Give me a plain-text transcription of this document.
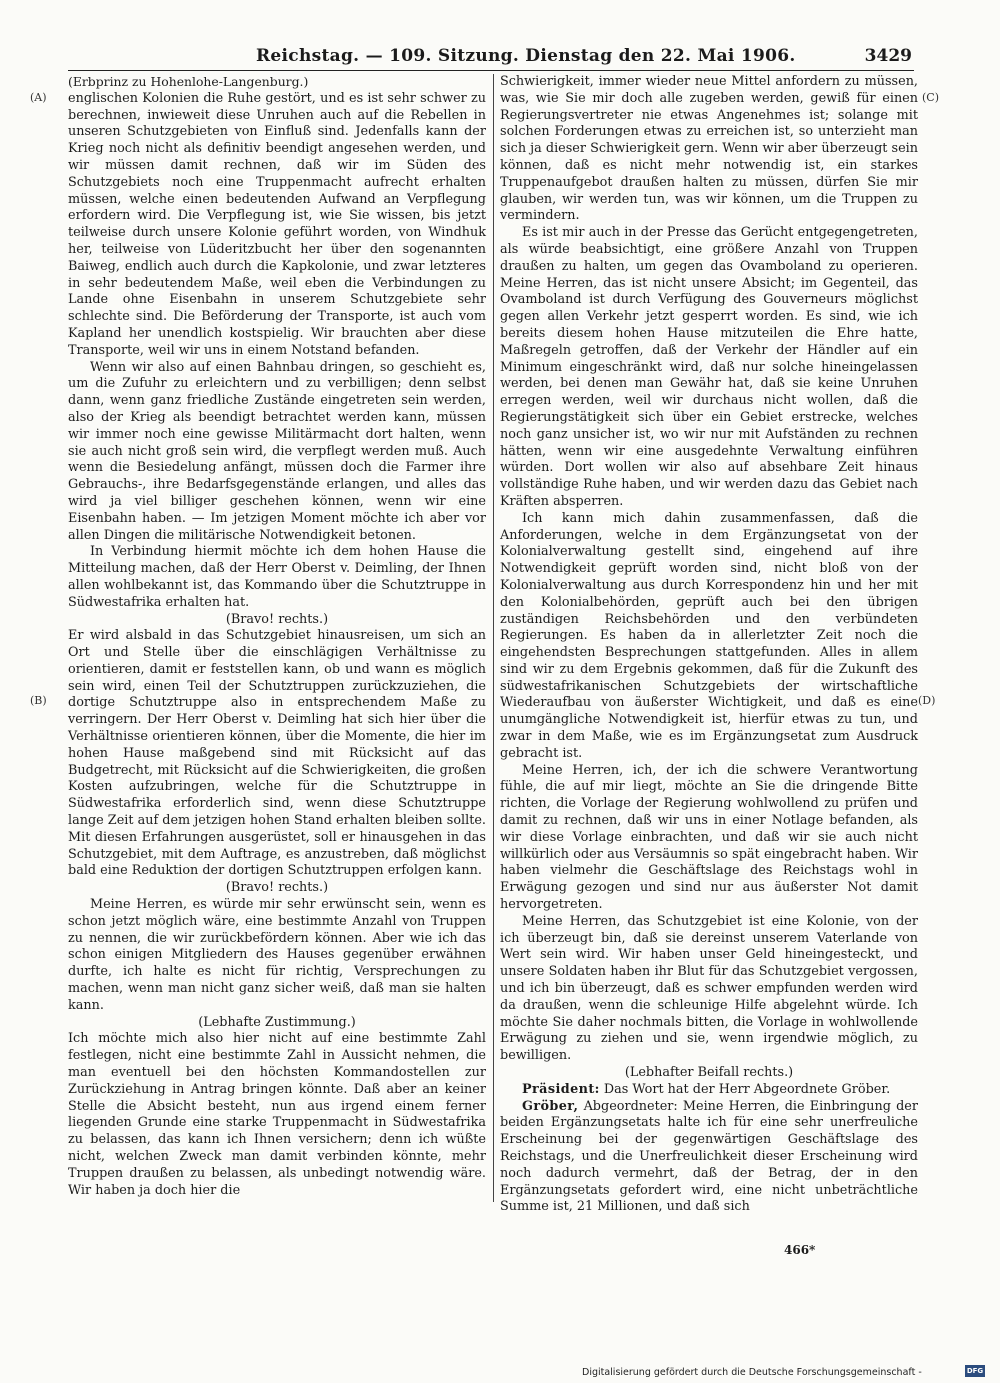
Reichstag. — 109. Sitzung. Dienstag den 22. Mai 1906.	3429

(Erbprinz zu Hohenlohe-Langenburg.)

englischen Kolonien die Ruhe gestört, und es ist sehr schwer zu berechnen, inwieweit diese Unruhen auch auf die Rebellen in unseren Schutzgebieten von Einfluß sind. Jedenfalls kann der Krieg noch nicht als definitiv beendigt angesehen werden, und wir müssen damit rechnen, daß wir im Süden des Schutzgebiets noch eine Truppenmacht aufrecht erhalten müssen, welche einen bedeutenden Aufwand an Verpflegung erfordern wird. Die Verpflegung ist, wie Sie wissen, bis jetzt teilweise durch unsere Kolonie geführt worden, von Windhuk her, teilweise von Lüderitzbucht her über den sogenannten Baiweg, endlich auch durch die Kapkolonie, und zwar letzteres in sehr bedeutendem Maße, weil eben die Verbindungen zu Lande ohne Eisenbahn in unserem Schutzgebiete sehr schlechte sind. Die Beförderung der Transporte, ist auch vom Kapland her unendlich kostspielig. Wir brauchten aber diese Transporte, weil wir uns in einem Notstand befanden.

Wenn wir also auf einen Bahnbau dringen, so geschieht es, um die Zufuhr zu erleichtern und zu verbilligen; denn selbst dann, wenn ganz friedliche Zustände eingetreten sein werden, also der Krieg als beendigt betrachtet werden kann, müssen wir immer noch eine gewisse Militärmacht dort halten, wenn sie auch nicht groß sein wird, die verpflegt werden muß. Auch wenn die Besiedelung anfängt, müssen doch die Farmer ihre Gebrauchs-, ihre Bedarfsgegenstände erlangen, und alles das wird ja viel billiger geschehen können, wenn wir eine Eisenbahn haben. — Im jetzigen Moment möchte ich aber vor allen Dingen die militärische Notwendigkeit betonen.

In Verbindung hiermit möchte ich dem hohen Hause die Mitteilung machen, daß der Herr Oberst v. Deimling, der Ihnen allen wohlbekannt ist, das Kommando über die Schutztruppe in Südwestafrika erhalten hat.

(Bravo! rechts.)

Er wird alsbald in das Schutzgebiet hinausreisen, um sich an Ort und Stelle über die einschlägigen Verhältnisse zu orientieren, damit er feststellen kann, ob und wann es möglich sein wird, einen Teil der Schutztruppen zurückzuziehen, die dortige Schutztruppe also in entsprechendem Maße zu verringern. Der Herr Oberst v. Deimling hat sich hier über die Verhältnisse orientieren können, über die Momente, die hier im hohen Hause maßgebend sind mit Rücksicht auf das Budgetrecht, mit Rücksicht auf die Schwierigkeiten, die großen Kosten aufzubringen, welche für die Schutztruppe in Südwestafrika erforderlich sind, wenn diese Schutztruppe lange Zeit auf dem jetzigen hohen Stand erhalten bleiben sollte. Mit diesen Erfahrungen ausgerüstet, soll er hinausgehen in das Schutzgebiet, mit dem Auftrage, es anzustreben, daß möglichst bald eine Reduktion der dortigen Schutztruppen erfolgen kann.

(Bravo! rechts.)

Meine Herren, es würde mir sehr erwünscht sein, wenn es schon jetzt möglich wäre, eine bestimmte Anzahl von Truppen zu nennen, die wir zurückbefördern können. Aber wie ich das schon einigen Mitgliedern des Hauses gegenüber erwähnen durfte, ich halte es nicht für richtig, Versprechungen zu machen, wenn man nicht ganz sicher weiß, daß man sie halten kann.

(Lebhafte Zustimmung.)

Ich möchte mich also hier nicht auf eine bestimmte Zahl festlegen, nicht eine bestimmte Zahl in Aussicht nehmen, die man eventuell bei den höchsten Kommandostellen zur Zurückziehung in Antrag bringen könnte. Daß aber an keiner Stelle die Absicht besteht, nun aus irgend einem ferner liegenden Grunde eine starke Truppenmacht in Südwestafrika zu belassen, das kann ich Ihnen versichern; denn ich wüßte nicht, welchen Zweck man damit verbinden könnte, mehr Truppen draußen zu belassen, als unbedingt notwendig wäre. Wir haben ja doch hier die

Schwierigkeit, immer wieder neue Mittel anfordern zu müssen, was, wie Sie mir doch alle zugeben werden, gewiß für einen Regierungsvertreter nie etwas Angenehmes ist; solange mit solchen Forderungen etwas zu erreichen ist, so unterzieht man sich ja dieser Schwierigkeit gern. Wenn wir aber überzeugt sein können, daß es nicht mehr notwendig ist, ein starkes Truppenaufgebot draußen halten zu müssen, dürfen Sie mir glauben, wir werden tun, was wir können, um die Truppen zu vermindern.

Es ist mir auch in der Presse das Gerücht entgegengetreten, als würde beabsichtigt, eine größere Anzahl von Truppen draußen zu halten, um gegen das Ovamboland zu operieren. Meine Herren, das ist nicht unsere Absicht; im Gegenteil, das Ovamboland ist durch Verfügung des Gouverneurs möglichst gegen allen Verkehr jetzt gesperrt worden. Es sind, wie ich bereits diesem hohen Hause mitzuteilen die Ehre hatte, Maßregeln getroffen, daß der Verkehr der Händler auf ein Minimum eingeschränkt wird, daß nur solche hineingelassen werden, bei denen man Gewähr hat, daß sie keine Unruhen erregen werden, weil wir durchaus nicht wollen, daß die Regierungstätigkeit sich über ein Gebiet erstrecke, welches noch ganz unsicher ist, wo wir nur mit Aufständen zu rechnen hätten, wenn wir eine ausgedehnte Verwaltung einführen würden. Dort wollen wir also auf absehbare Zeit hinaus vollständige Ruhe haben, und wir werden dazu das Gebiet nach Kräften absperren.

Ich kann mich dahin zusammenfassen, daß die Anforderungen, welche in dem Ergänzungsetat von der Kolonialverwaltung gestellt sind, eingehend auf ihre Notwendigkeit geprüft worden sind, nicht bloß von der Kolonialverwaltung aus durch Korrespondenz hin und her mit den Kolonialbehörden, geprüft auch bei den übrigen zuständigen Reichsbehörden und den verbündeten Regierungen. Es haben da in allerletzter Zeit noch die eingehendsten Besprechungen stattgefunden. Alles in allem sind wir zu dem Ergebnis gekommen, daß für die Zukunft des südwestafrikanischen Schutzgebiets der wirtschaftliche Wiederaufbau von äußerster Wichtigkeit, und daß es eine unumgängliche Notwendigkeit ist, hierfür etwas zu tun, und zwar in dem Maße, wie es im Ergänzungsetat zum Ausdruck gebracht ist.

Meine Herren, ich, der ich die schwere Verantwortung fühle, die auf mir liegt, möchte an Sie die dringende Bitte richten, die Vorlage der Regierung wohlwollend zu prüfen und damit zu rechnen, daß wir uns in einer Notlage befanden, als wir diese Vorlage einbrachten, und daß wir sie auch nicht willkürlich oder aus Versäumnis so spät eingebracht haben. Wir haben vielmehr die Geschäftslage des Reichstags wohl in Erwägung gezogen und sind nur aus äußerster Not damit hervorgetreten.

Meine Herren, das Schutzgebiet ist eine Kolonie, von der ich überzeugt bin, daß sie dereinst unserem Vaterlande von Wert sein wird. Wir haben unser Geld hineingesteckt, und unsere Soldaten haben ihr Blut für das Schutzgebiet vergossen, und ich bin überzeugt, daß es schwer empfunden werden wird da draußen, wenn die schleunige Hilfe abgelehnt würde. Ich möchte Sie daher nochmals bitten, die Vorlage in wohlwollende Erwägung zu ziehen und sie, wenn irgendwie möglich, zu bewilligen.

(Lebhafter Beifall rechts.)

Präsident: Das Wort hat der Herr Abgeordnete Gröber.

Gröber, Abgeordneter: Meine Herren, die Einbringung der beiden Ergänzungsetats halte ich für eine sehr unerfreuliche Erscheinung bei der gegenwärtigen Geschäftslage des Reichstags, und die Unerfreulichkeit dieser Erscheinung wird noch dadurch vermehrt, daß der Betrag, der in den Ergänzungsetats gefordert wird, eine nicht unbeträchtliche Summe ist, 21 Millionen, und daß sich

(A)
(B)
(C)
(D)
466*
Digitalisierung gefördert durch die Deutsche Forschungsgemeinschaft -	DFG
